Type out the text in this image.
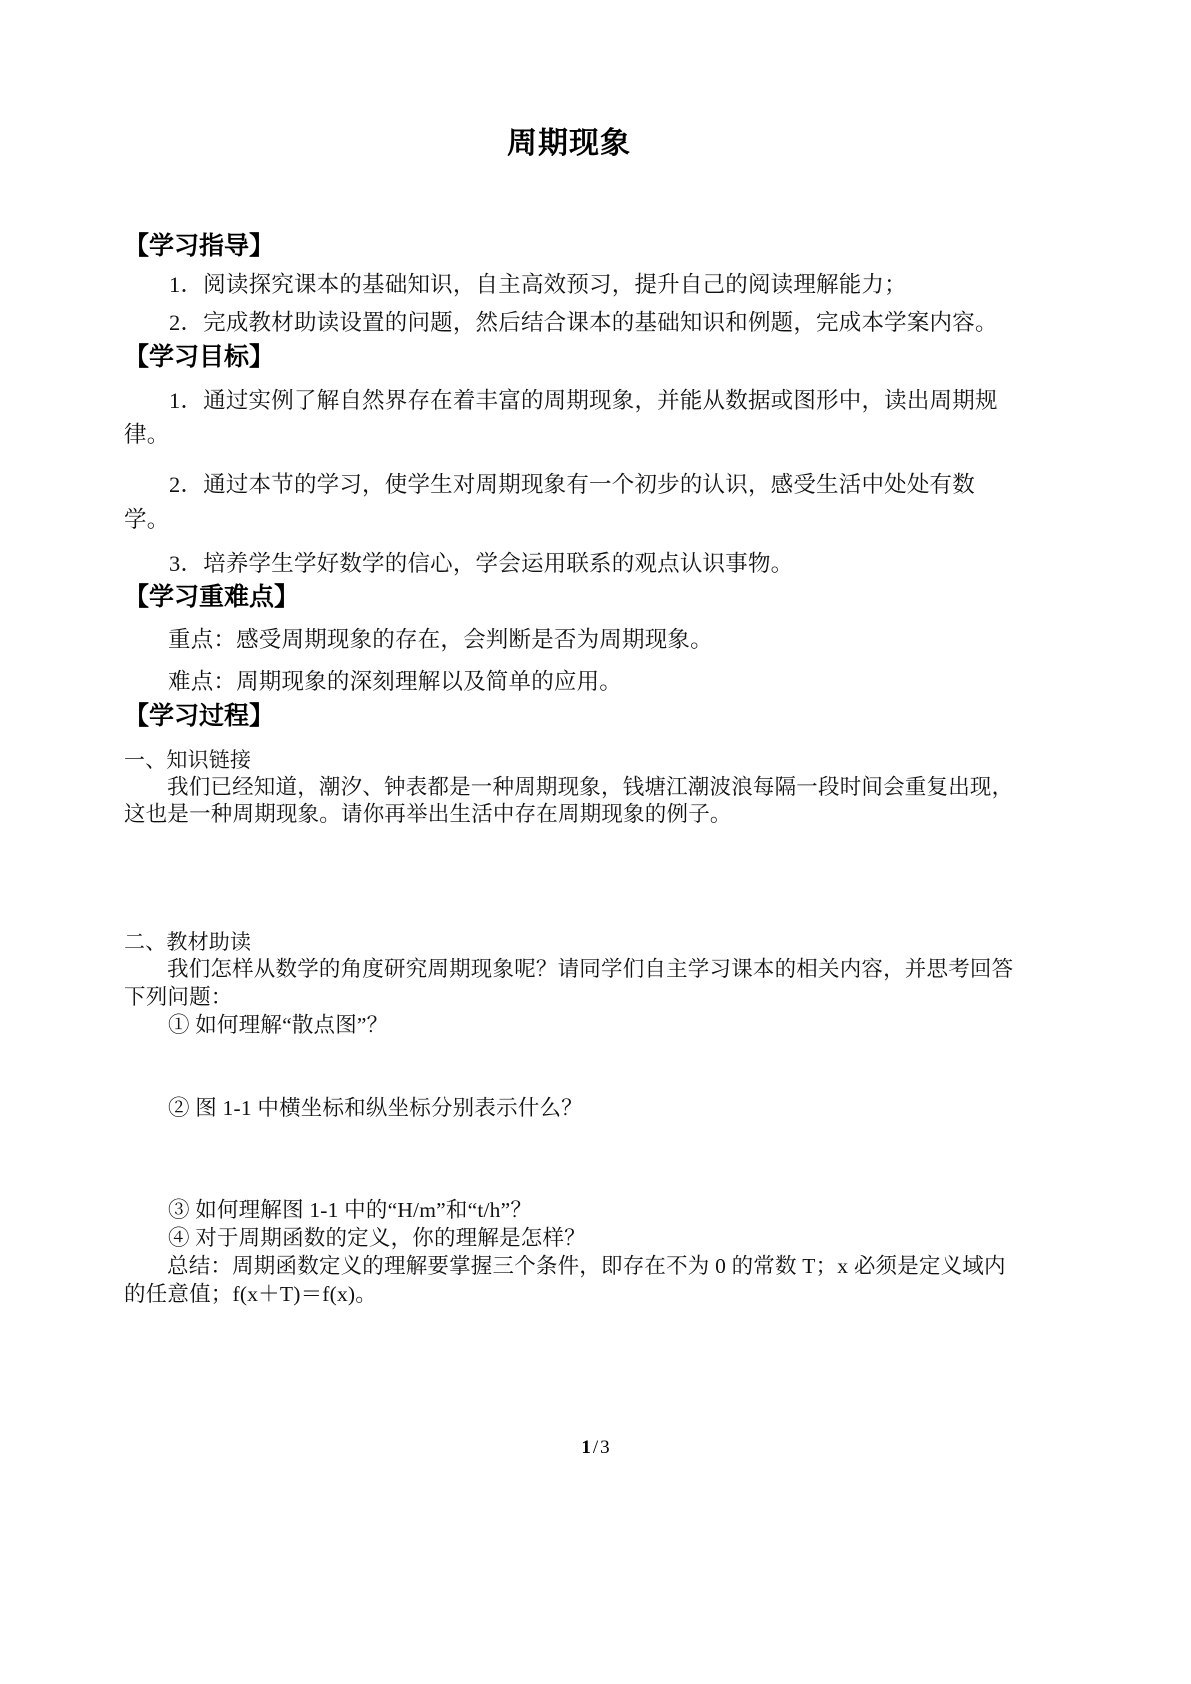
周期现象
【学习指导】
1．阅读探究课本的基础知识，自主高效预习，提升自己的阅读理解能力；
2．完成教材助读设置的问题，然后结合课本的基础知识和例题，完成本学案内容。
【学习目标】
1．通过实例了解自然界存在着丰富的周期现象，并能从数据或图形中，读出周期规律。
2．通过本节的学习，使学生对周期现象有一个初步的认识，感受生活中处处有数学。
3．培养学生学好数学的信心，学会运用联系的观点认识事物。
【学习重难点】
重点：感受周期现象的存在，会判断是否为周期现象。
难点：周期现象的深刻理解以及简单的应用。
【学习过程】
一、知识链接
我们已经知道，潮汐、钟表都是一种周期现象，钱塘江潮波浪每隔一段时间会重复出现，这也是一种周期现象。请你再举出生活中存在周期现象的例子。
二、教材助读
我们怎样从数学的角度研究周期现象呢？请同学们自主学习课本的相关内容，并思考回答下列问题：
① 如何理解“散点图”？
② 图 1-1 中横坐标和纵坐标分别表示什么？
③ 如何理解图 1-1 中的“H/m”和“t/h”？
④ 对于周期函数的定义，你的理解是怎样？
总结：周期函数定义的理解要掌握三个条件，即存在不为 0 的常数 T；x 必须是定义域内的任意值；f(x＋T)＝f(x)。
1 / 3
